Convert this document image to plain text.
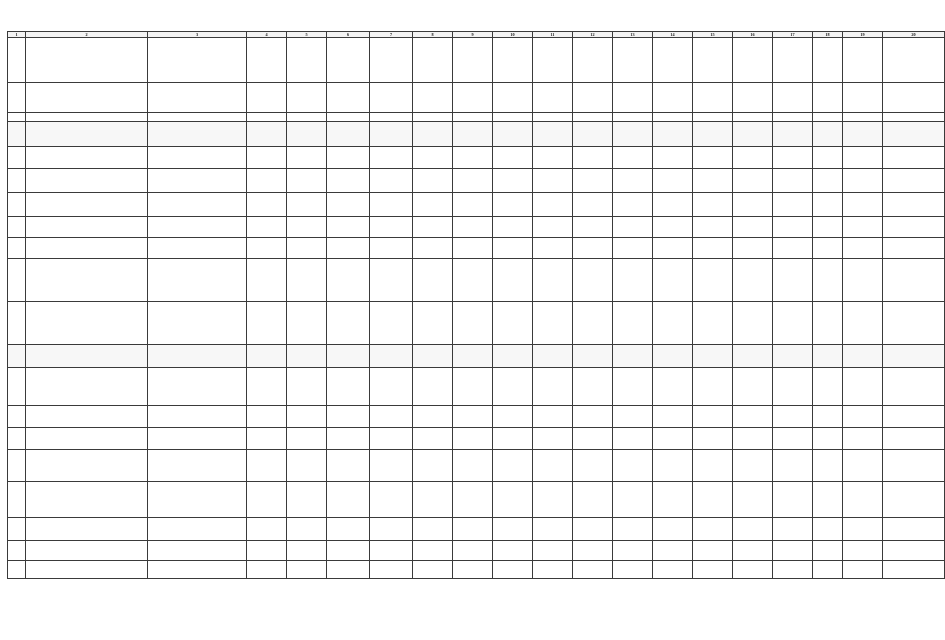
1	2	3	4	5	6	7	8	9	10	11	12	13	14	15	16	17	18	19	20
